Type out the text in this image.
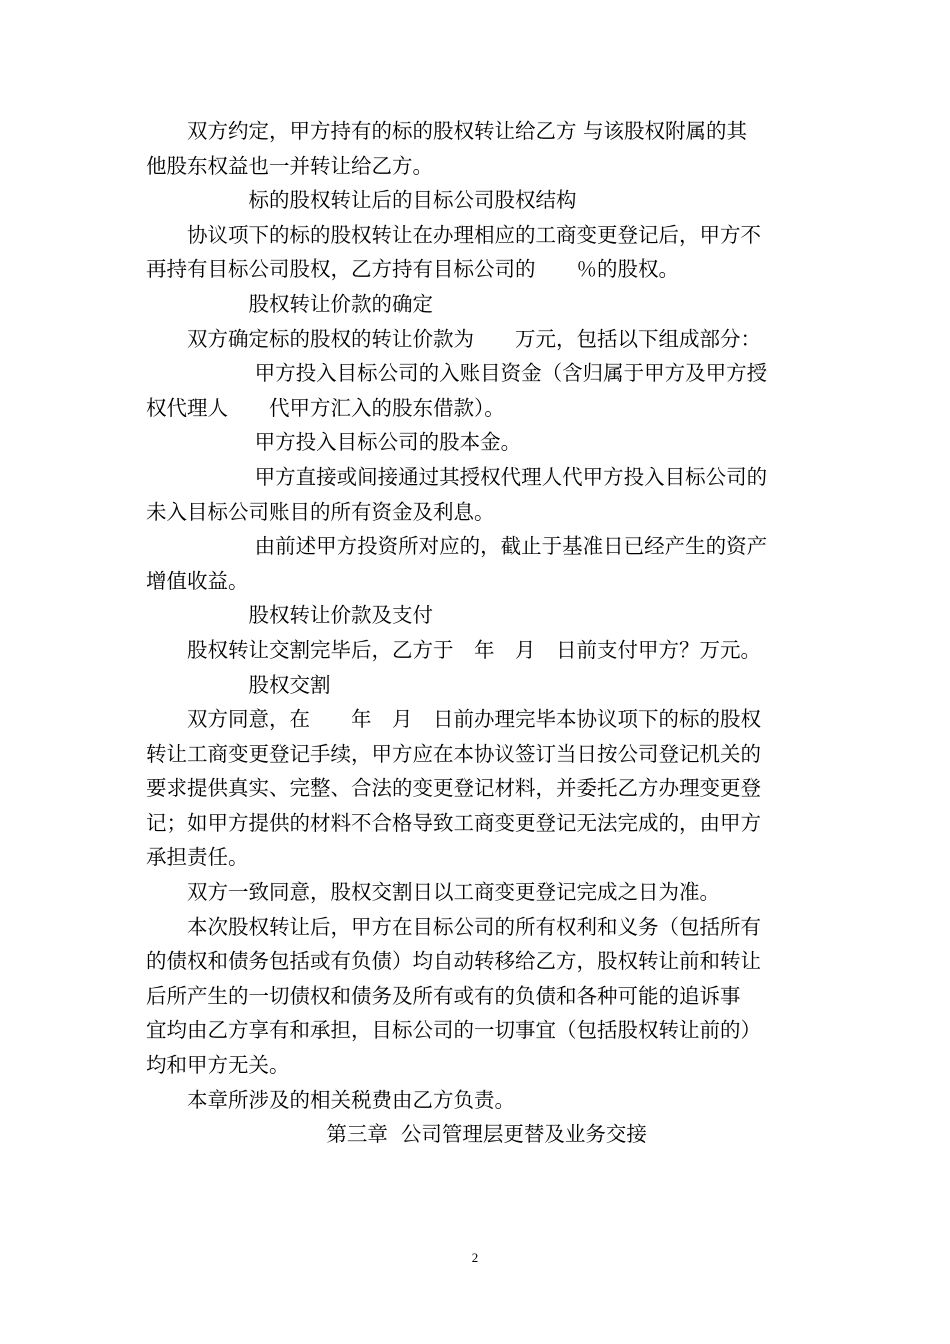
双方约定，甲方持有的标的股权转让给乙方 与该股权附属的其
他股东权益也一并转让给乙方。
标的股权转让后的目标公司股权结构
协议项下的标的股权转让在办理相应的工商变更登记后，甲方不
再持有目标公司股权，乙方持有目标公司的　　％的股权。
股权转让价款的确定
双方确定标的股权的转让价款为　　万元，包括以下组成部分：
甲方投入目标公司的入账目资金（含归属于甲方及甲方授
权代理人　　代甲方汇入的股东借款）。
甲方投入目标公司的股本金。
甲方直接或间接通过其授权代理人代甲方投入目标公司的
未入目标公司账目的所有资金及利息。
由前述甲方投资所对应的，截止于基准日已经产生的资产
增值收益。
股权转让价款及支付
股权转让交割完毕后，乙方于　年　月　日前支付甲方？万元。
股权交割
双方同意，在　　年　月　日前办理完毕本协议项下的标的股权
转让工商变更登记手续，甲方应在本协议签订当日按公司登记机关的
要求提供真实、完整、合法的变更登记材料，并委托乙方办理变更登
记；如甲方提供的材料不合格导致工商变更登记无法完成的，由甲方
承担责任。
双方一致同意，股权交割日以工商变更登记完成之日为准。
本次股权转让后，甲方在目标公司的所有权利和义务（包括所有
的债权和债务包括或有负债）均自动转移给乙方，股权转让前和转让
后所产生的一切债权和债务及所有或有的负债和各种可能的追诉事
宜均由乙方享有和承担，目标公司的一切事宜（包括股权转让前的）
均和甲方无关。
本章所涉及的相关税费由乙方负责。
第三章  公司管理层更替及业务交接
2
